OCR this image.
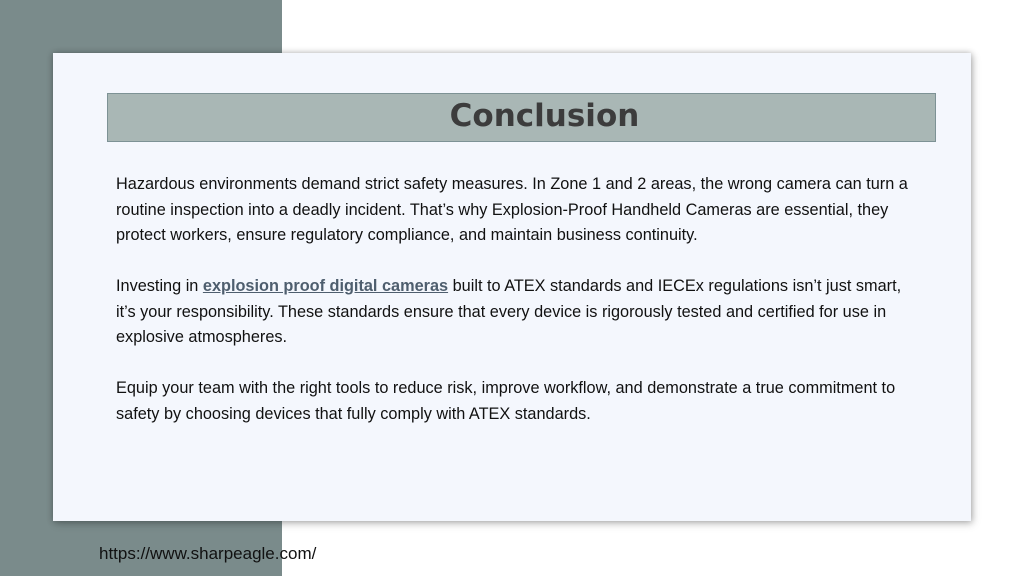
Conclusion

Hazardous environments demand strict safety measures. In Zone 1 and 2 areas, the wrong camera can turn a routine inspection into a deadly incident. That’s why Explosion-Proof Handheld Cameras are essential, they protect workers, ensure regulatory compliance, and maintain business continuity.

Investing in explosion proof digital cameras built to ATEX standards and IECEx regulations isn’t just smart, it’s your responsibility. These standards ensure that every device is rigorously tested and certified for use in explosive atmospheres.

Equip your team with the right tools to reduce risk, improve workflow, and demonstrate a true commitment to safety by choosing devices that fully comply with ATEX standards.

https://www.sharpeagle.com/
